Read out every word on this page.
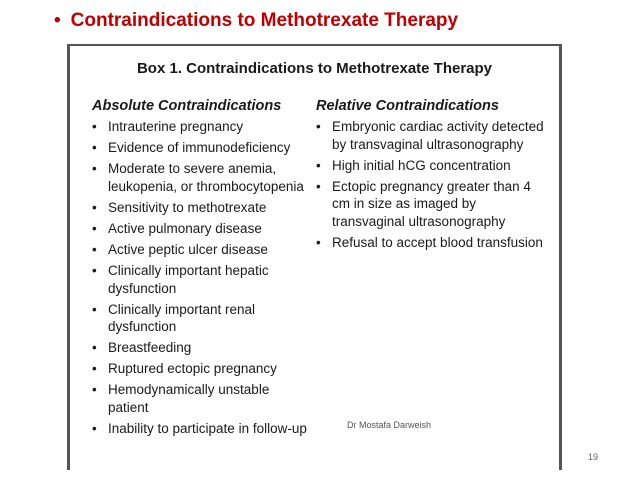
• Contraindications to Methotrexate Therapy
Box 1. Contraindications to Methotrexate Therapy
Absolute Contraindications
• Intrauterine pregnancy
• Evidence of immunodeficiency
• Moderate to severe anemia, leukopenia, or thrombocytopenia
• Sensitivity to methotrexate
• Active pulmonary disease
• Active peptic ulcer disease
• Clinically important hepatic dysfunction
• Clinically important renal dysfunction
• Breastfeeding
• Ruptured ectopic pregnancy
• Hemodynamically unstable patient
• Inability to participate in follow-up
Relative Contraindications
• Embryonic cardiac activity detected by transvaginal ultrasonography
• High initial hCG concentration
• Ectopic pregnancy greater than 4 cm in size as imaged by transvaginal ultrasonography
• Refusal to accept blood transfusion
Dr Mostafa Darweish
19
